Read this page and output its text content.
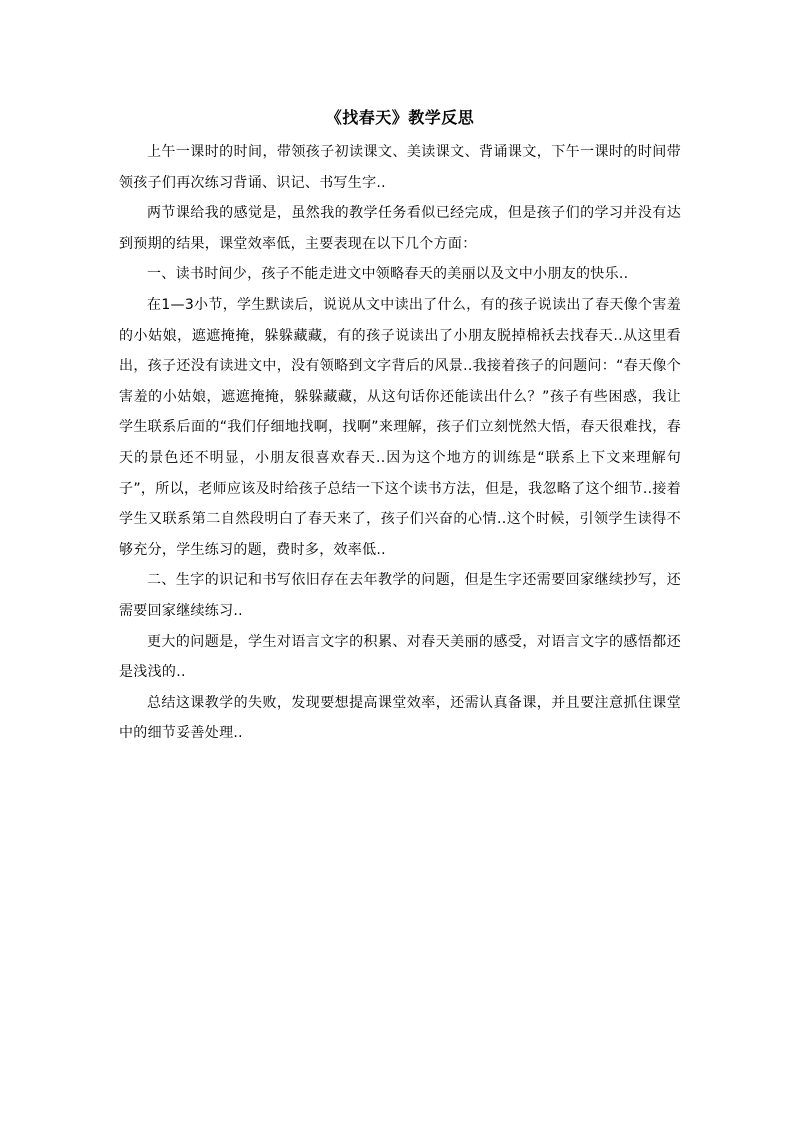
《找春天》教学反思

上午一课时的时间，带领孩子初读课文、美读课文、背诵课文，下午一课时的时间带领孩子们再次练习背诵、识记、书写生字..

两节课给我的感觉是，虽然我的教学任务看似已经完成，但是孩子们的学习并没有达到预期的结果，课堂效率低，主要表现在以下几个方面：

一、读书时间少，孩子不能走进文中领略春天的美丽以及文中小朋友的快乐..

在1—3小节，学生默读后，说说从文中读出了什么，有的孩子说读出了春天像个害羞的小姑娘，遮遮掩掩，躲躲藏藏，有的孩子说读出了小朋友脱掉棉袄去找春天..从这里看出，孩子还没有读进文中，没有领略到文字背后的风景..我接着孩子的问题问：“春天像个害羞的小姑娘，遮遮掩掩，躲躲藏藏，从这句话你还能读出什么？”孩子有些困惑，我让学生联系后面的“我们仔细地找啊，找啊”来理解，孩子们立刻恍然大悟，春天很难找，春天的景色还不明显，小朋友很喜欢春天..因为这个地方的训练是“联系上下文来理解句子”，所以，老师应该及时给孩子总结一下这个读书方法，但是，我忽略了这个细节..接着学生又联系第二自然段明白了春天来了，孩子们兴奋的心情..这个时候，引领学生读得不够充分，学生练习的题，费时多，效率低..

二、生字的识记和书写依旧存在去年教学的问题，但是生字还需要回家继续抄写，还需要回家继续练习..

更大的问题是，学生对语言文字的积累、对春天美丽的感受，对语言文字的感悟都还是浅浅的..

总结这课教学的失败，发现要想提高课堂效率，还需认真备课，并且要注意抓住课堂中的细节妥善处理..
